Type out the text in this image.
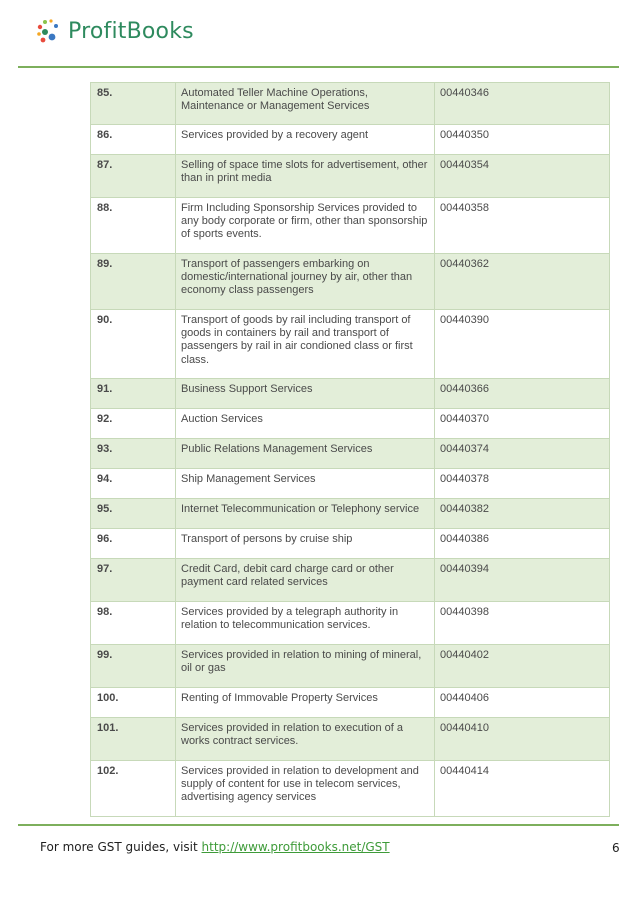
ProfitBooks
85.	Automated Teller Machine Operations, Maintenance or Management Services	00440346
86.	Services provided by a recovery agent	00440350
87.	Selling of space time slots for advertisement, other than in print media	00440354
88.	Firm Including Sponsorship Services provided to any body corporate or firm, other than sponsorship of sports events.	00440358
89.	Transport of passengers embarking on domestic/international journey by air, other than economy class passengers	00440362
90.	Transport of goods by rail including transport of goods in containers by rail and transport of passengers by rail in air condioned class or first class.	00440390
91.	Business Support Services	00440366
92.	Auction Services	00440370
93.	Public Relations Management Services	00440374
94.	Ship Management Services	00440378
95.	Internet Telecommunication or Telephony service	00440382
96.	Transport of persons by cruise ship	00440386
97.	Credit Card, debit card charge card or other payment card related services	00440394
98.	Services provided by a telegraph authority in relation to telecommunication services.	00440398
99.	Services provided in relation to mining of mineral, oil or gas	00440402
100.	Renting of Immovable Property Services	00440406
101.	Services provided in relation to execution of a works contract services.	00440410
102.	Services provided in relation to development and supply of content for use in telecom services, advertising agency services	00440414
For more GST guides, visit http://www.profitbooks.net/GST	6
